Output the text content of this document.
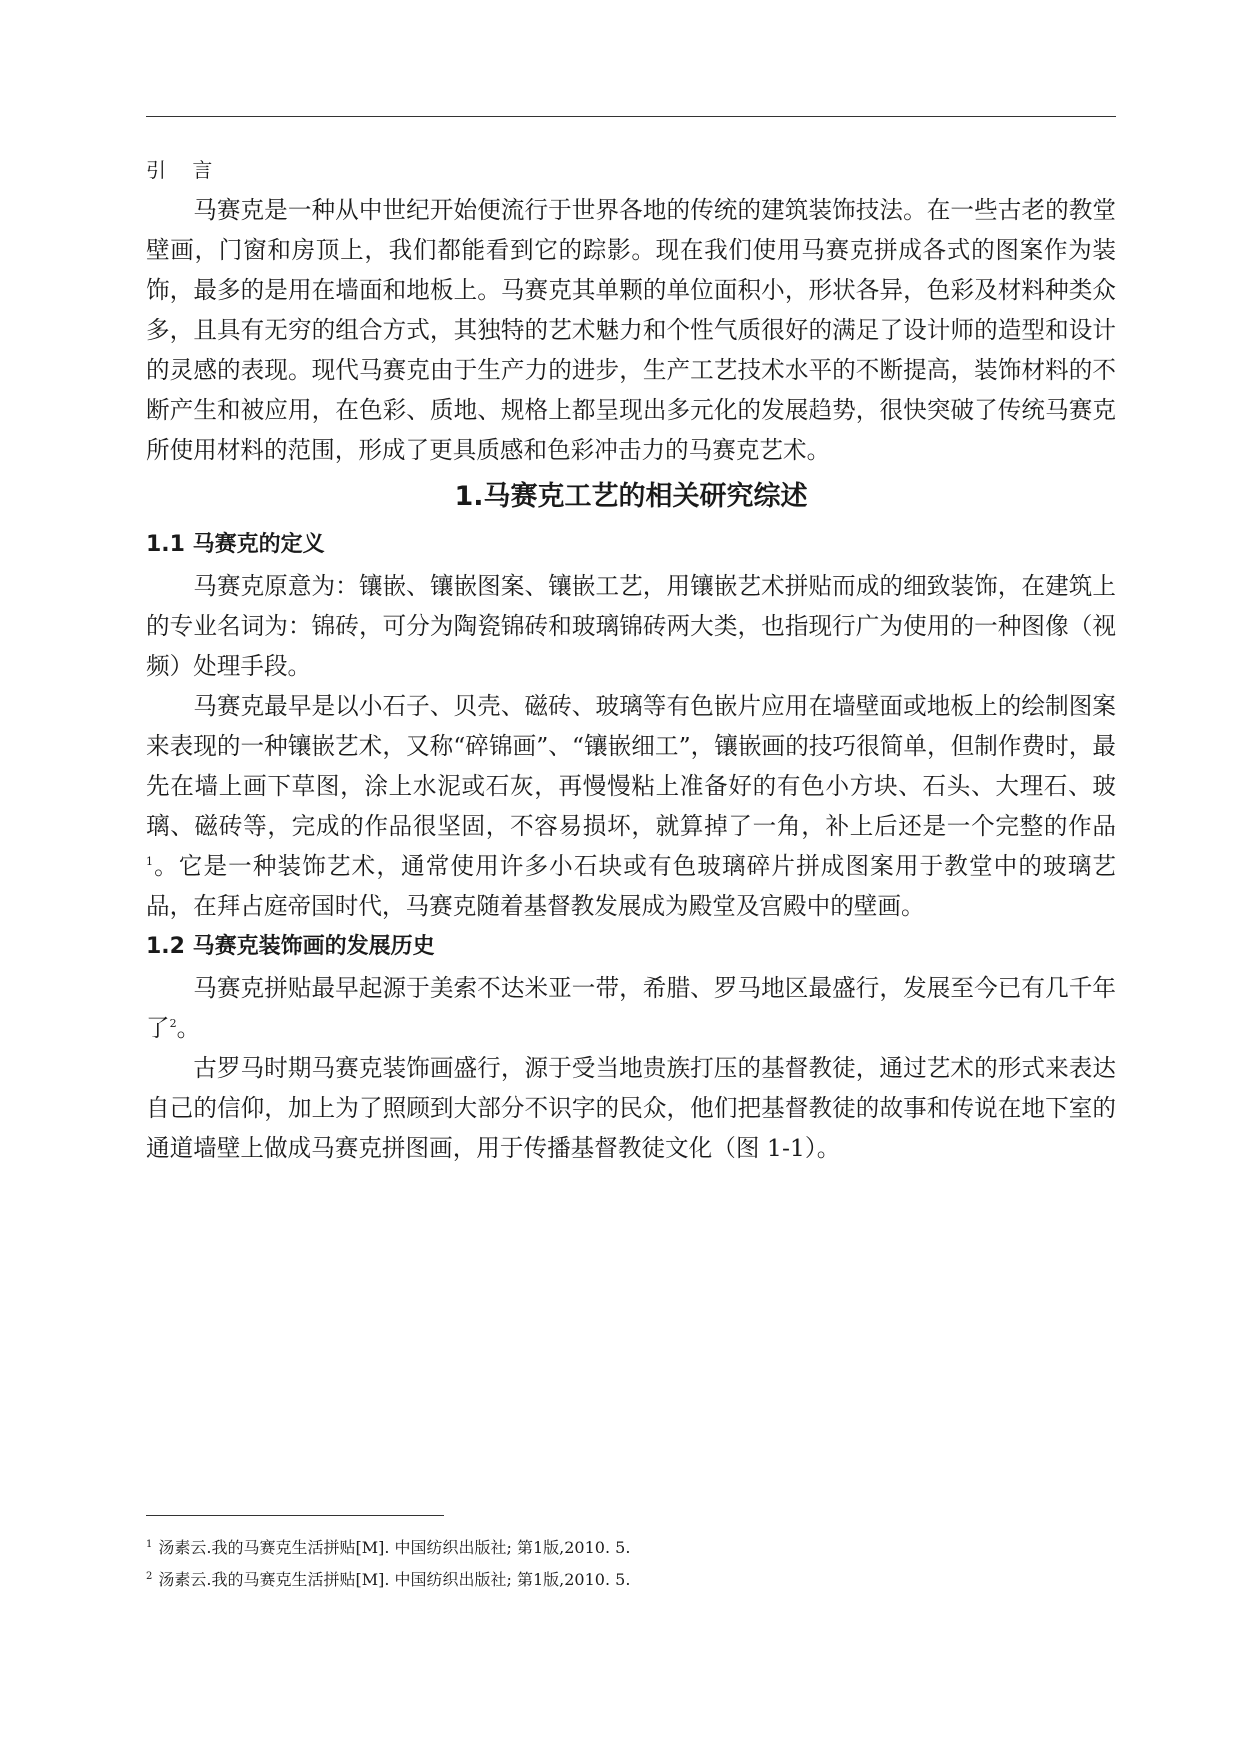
引 言

马赛克是一种从中世纪开始便流行于世界各地的传统的建筑装饰技法。在一些古老的教堂壁画，门窗和房顶上，我们都能看到它的踪影。现在我们使用马赛克拼成各式的图案作为装饰，最多的是用在墙面和地板上。马赛克其单颗的单位面积小，形状各异，色彩及材料种类众多，且具有无穷的组合方式，其独特的艺术魅力和个性气质很好的满足了设计师的造型和设计的灵感的表现。现代马赛克由于生产力的进步，生产工艺技术水平的不断提高，装饰材料的不断产生和被应用，在色彩、质地、规格上都呈现出多元化的发展趋势，很快突破了传统马赛克所使用材料的范围，形成了更具质感和色彩冲击力的马赛克艺术。

1.马赛克工艺的相关研究综述
1.1 马赛克的定义

马赛克原意为：镶嵌、镶嵌图案、镶嵌工艺，用镶嵌艺术拼贴而成的细致装饰，在建筑上的专业名词为：锦砖，可分为陶瓷锦砖和玻璃锦砖两大类，也指现行广为使用的一种图像（视频）处理手段。

马赛克最早是以小石子、贝壳、磁砖、玻璃等有色嵌片应用在墙壁面或地板上的绘制图案来表现的一种镶嵌艺术，又称“碎锦画”、“镶嵌细工”，镶嵌画的技巧很简单，但制作费时，最先在墙上画下草图，涂上水泥或石灰，再慢慢粘上准备好的有色小方块、石头、大理石、玻璃、磁砖等，完成的作品很坚固，不容易损坏，就算掉了一角，补上后还是一个完整的作品$^1$。它是一种装饰艺术，通常使用许多小石块或有色玻璃碎片拼成图案用于教堂中的玻璃艺品，在拜占庭帝国时代，马赛克随着基督教发展成为殿堂及宫殿中的壁画。

1.2 马赛克装饰画的发展历史

马赛克拼贴最早起源于美索不达米亚一带，希腊、罗马地区最盛行，发展至今已有几千年了$^2$。

古罗马时期马赛克装饰画盛行，源于受当地贵族打压的基督教徒，通过艺术的形式来表达自己的信仰，加上为了照顾到大部分不识字的民众，他们把基督教徒的故事和传说在地下室的通道墙壁上做成马赛克拼图画，用于传播基督教徒文化（图 1-1）。

$^1$ 汤素云.我的马赛克生活拼贴[M]. 中国纺织出版社; 第1版,2010. 5.
$^2$ 汤素云.我的马赛克生活拼贴[M]. 中国纺织出版社; 第1版,2010. 5.
